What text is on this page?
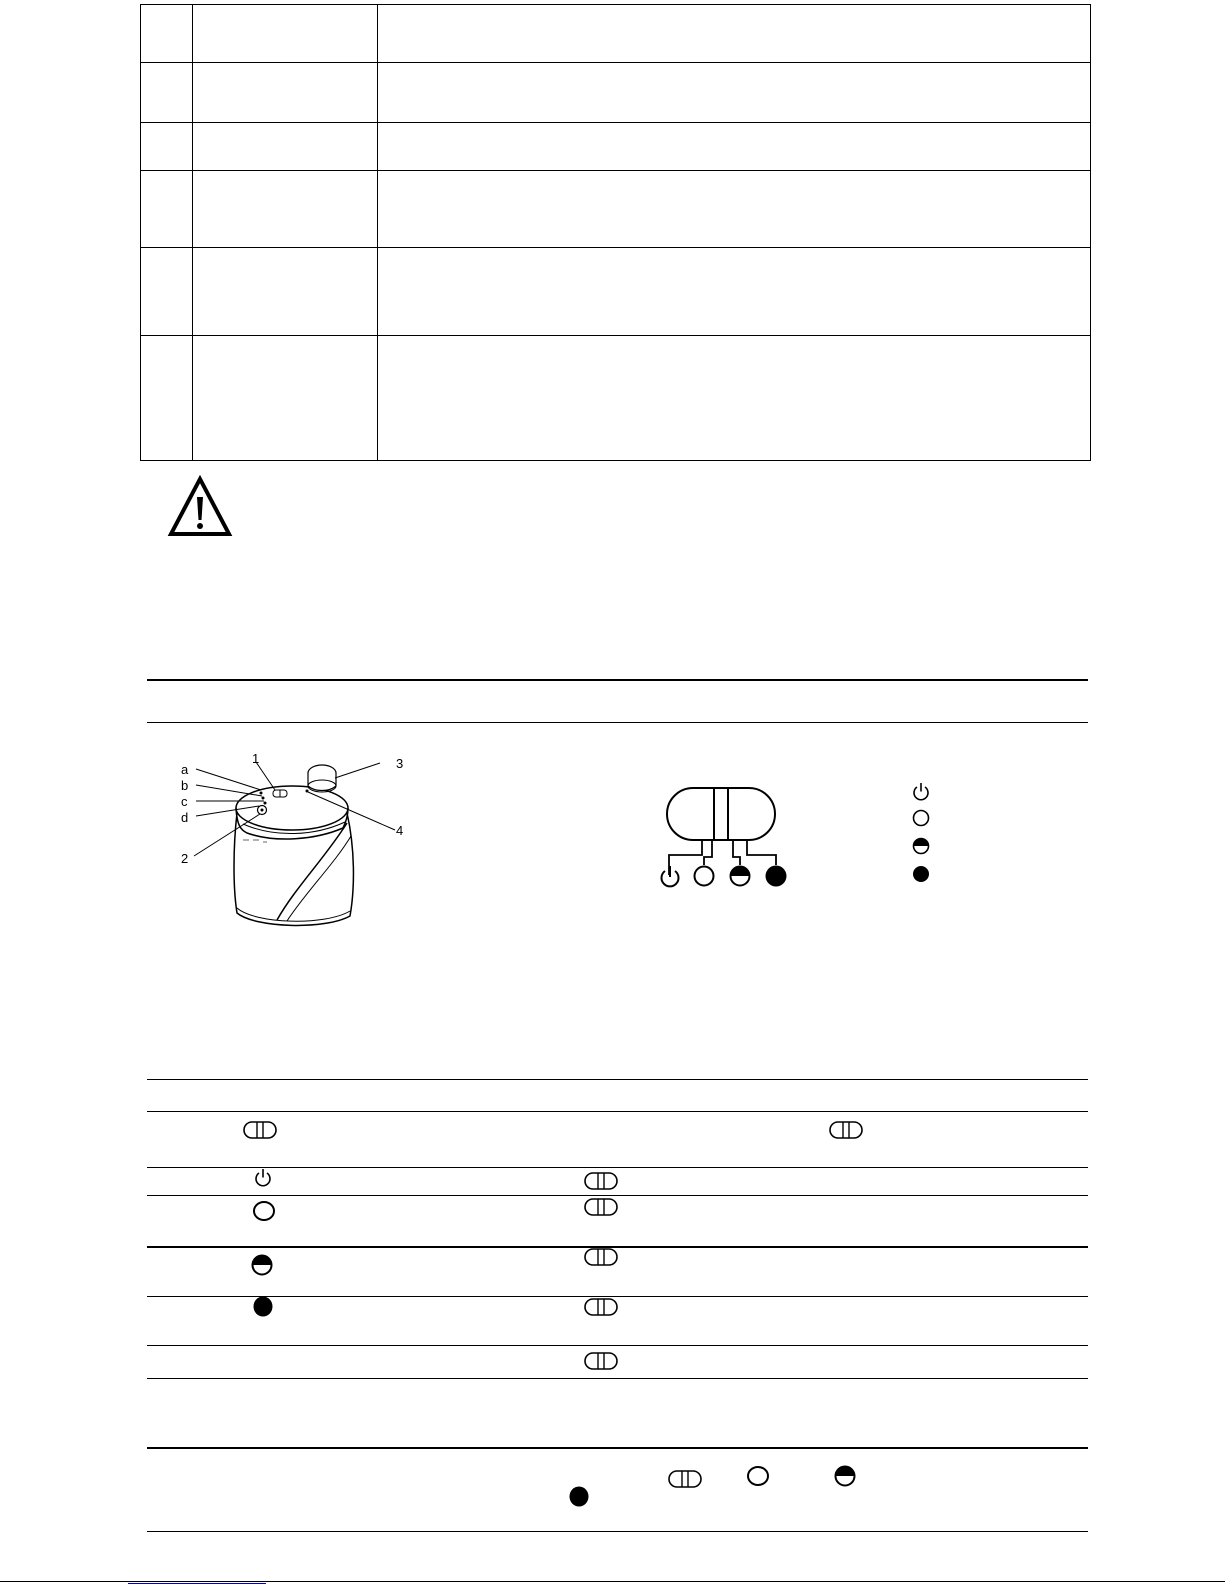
a
b
c
d
1
2
3
4
